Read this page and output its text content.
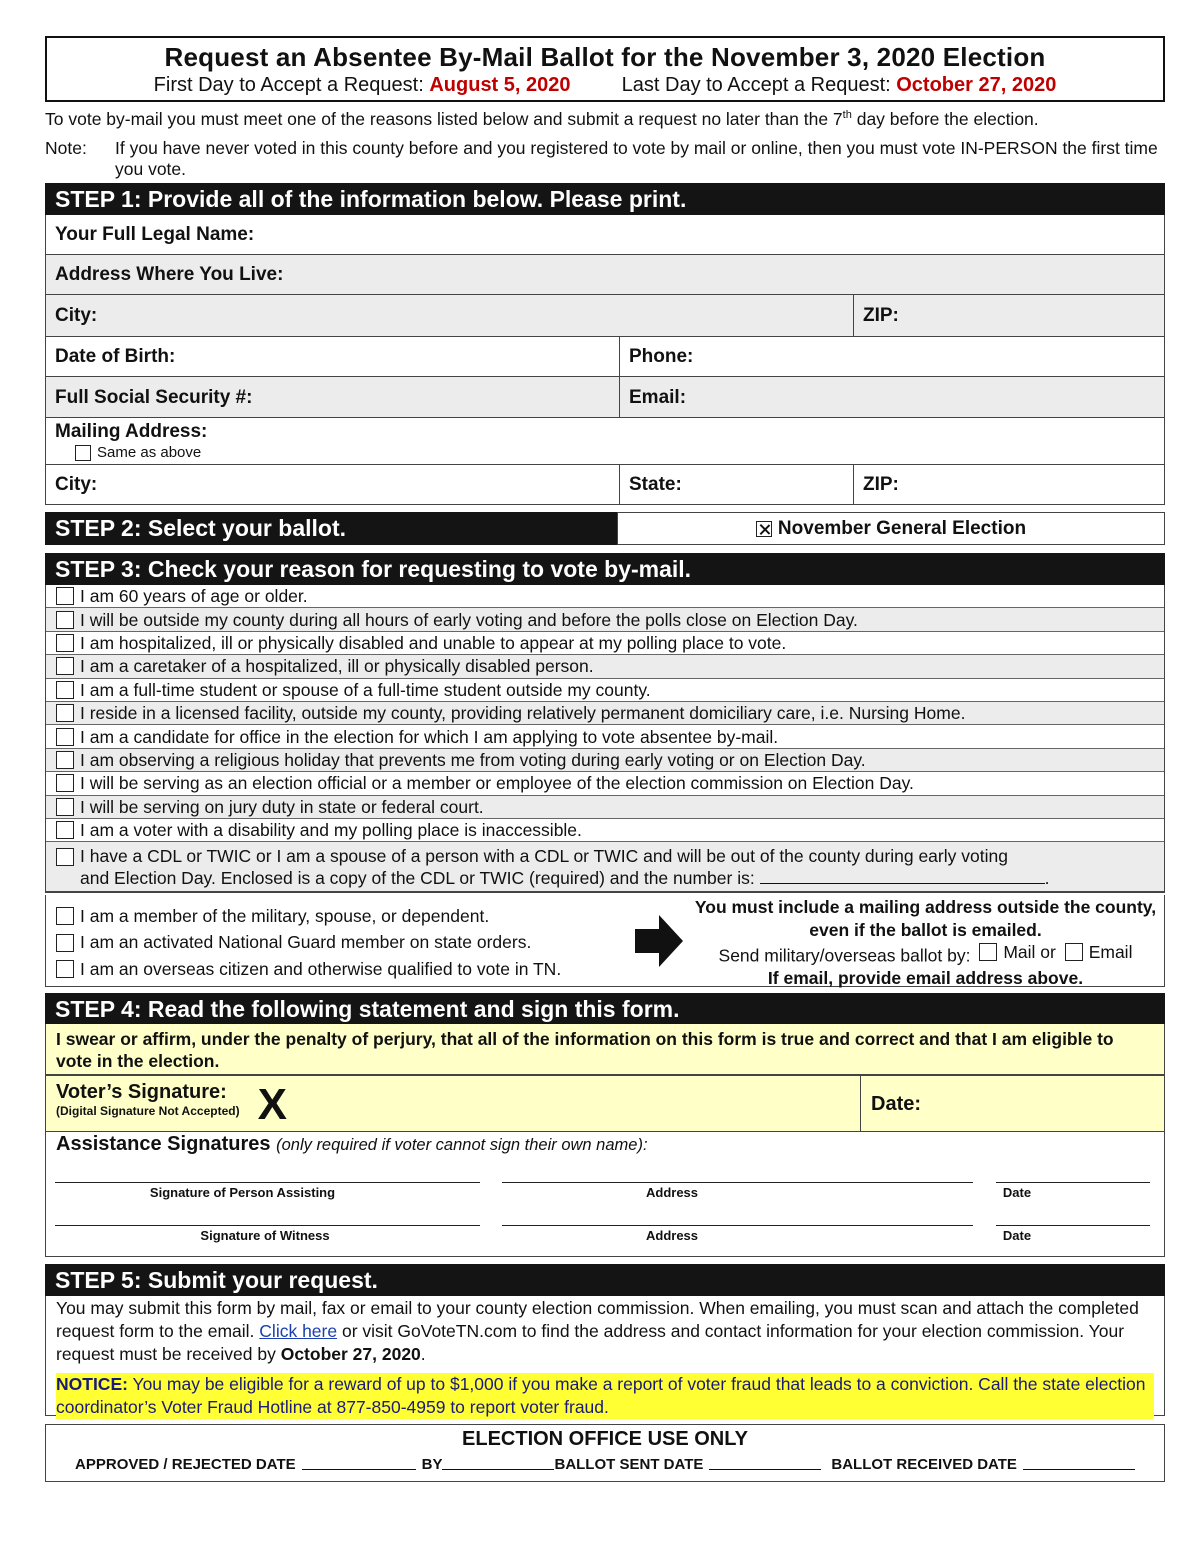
Request an Absentee By-Mail Ballot for the November 3, 2020 Election
First Day to Accept a Request: August 5, 2020	Last Day to Accept a Request: October 27, 2020
To vote by-mail you must meet one of the reasons listed below and submit a request no later than the 7th day before the election.
Note:	If you have never voted in this county before and you registered to vote by mail or online, then you must vote IN-PERSON the first time you vote.
STEP 1: Provide all of the information below. Please print.
Your Full Legal Name:
Address Where You Live:
City:	ZIP:
Date of Birth:	Phone:
Full Social Security #:	Email:
Mailing Address:
Same as above
City:	State:	ZIP:
STEP 2: Select your ballot.	November General Election
STEP 3: Check your reason for requesting to vote by-mail.
I am 60 years of age or older.
I will be outside my county during all hours of early voting and before the polls close on Election Day.
I am hospitalized, ill or physically disabled and unable to appear at my polling place to vote.
I am a caretaker of a hospitalized, ill or physically disabled person.
I am a full-time student or spouse of a full-time student outside my county.
I reside in a licensed facility, outside my county, providing relatively permanent domiciliary care, i.e. Nursing Home.
I am a candidate for office in the election for which I am applying to vote absentee by-mail.
I am observing a religious holiday that prevents me from voting during early voting or on Election Day.
I will be serving as an election official or a member or employee of the election commission on Election Day.
I will be serving on jury duty in state or federal court.
I am a voter with a disability and my polling place is inaccessible.
I have a CDL or TWIC or I am a spouse of a person with a CDL or TWIC and will be out of the county during early voting
and Election Day. Enclosed is a copy of the CDL or TWIC (required) and the number is:	.
I am a member of the military, spouse, or dependent.
I am an activated National Guard member on state orders.
I am an overseas citizen and otherwise qualified to vote in TN.
You must include a mailing address outside the county, even if the ballot is emailed.
Send military/overseas ballot by: Mail or
Email
If email, provide email address above.
STEP 4: Read the following statement and sign this form.
I swear or affirm, under the penalty of perjury, that all of the information on this form is true and correct and that I am eligible to vote in the election.
Voter’s Signature:
(Digital Signature Not Accepted) X	Date:
Assistance Signatures (only required if voter cannot sign their own name):
Signature of Person Assisting	Address	Date
Signature of Witness	Address	Date
STEP 5: Submit your request.
You may submit this form by mail, fax or email to your county election commission. When emailing, you must scan and attach the completed request form to the email. Click here or visit GoVoteTN.com to find the address and contact information for your election commission. Your request must be received by October 27, 2020.
NOTICE: You may be eligible for a reward of up to $1,000 if you make a report of voter fraud that leads to a conviction. Call the state election coordinator’s Voter Fraud Hotline at 877-850-4959 to report voter fraud.
ELECTION OFFICE USE ONLY
APPROVED / REJECTED DATE	BY	BALLOT SENT DATE	BALLOT RECEIVED DATE
